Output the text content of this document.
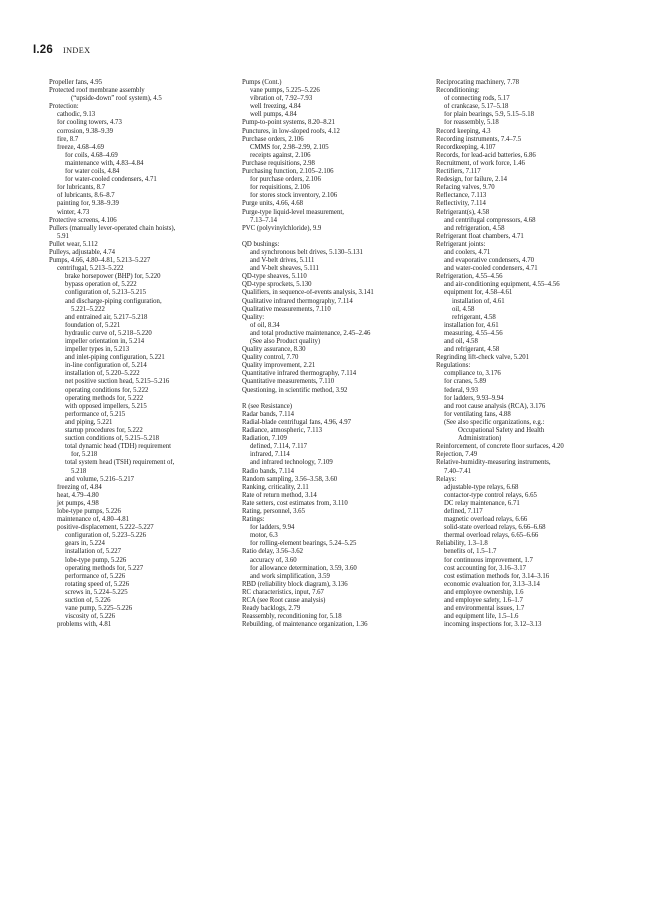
I.26 INDEX
Propeller fans, 4.95
Protected roof membrane assembly
(“upside-down” roof system), 4.5
Protection:
cathodic, 9.13
for cooling towers, 4.73
corrosion, 9.38–9.39
fire, 8.7
freeze, 4.68–4.69
for coils, 4.68–4.69
maintenance with, 4.83–4.84
for water coils, 4.84
for water-cooled condensers, 4.71
for lubricants, 8.7
of lubricants, 8.6–8.7
painting for, 9.38–9.39
winter, 4.73
Protective screens, 4.106
Pullers (manually lever-operated chain hoists),
5.91
Pullet wear, 5.112
Pulleys, adjustable, 4.74
Pumps, 4.66, 4.80–4.81, 5.213–5.227
centrifugal, 5.213–5.222
brake horsepower (BHP) for, 5.220
bypass operation of, 5.222
configuration of, 5.213–5.215
and discharge-piping configuration,
5.221–5.222
and entrained air, 5.217–5.218
foundation of, 5.221
hydraulic curve of, 5.218–5.220
impeller orientation in, 5.214
impeller types in, 5.213
and inlet-piping configuration, 5.221
in-line configuration of, 5.214
installation of, 5.220–5.222
net positive suction head, 5.215–5.216
operating conditions for, 5.222
operating methods for, 5.222
with opposed impellers, 5.215
performance of, 5.215
and piping, 5.221
startup procedures for, 5.222
suction conditions of, 5.215–5.218
total dynamic head (TDH) requirement
for, 5.218
total system head (TSH) requirement of,
5.218
and volume, 5.216–5.217
freezing of, 4.84
heat, 4.79–4.80
jet pumps, 4.98
lobe-type pumps, 5.226
maintenance of, 4.80–4.81
positive-displacement, 5.222–5.227
configuration of, 5.223–5.226
gears in, 5.224
installation of, 5.227
lobe-type pump, 5.226
operating methods for, 5.227
performance of, 5.226
rotating speed of, 5.226
screws in, 5.224–5.225
suction of, 5.226
vane pump, 5.225–5.226
viscosity of, 5.226
problems with, 4.81
Pumps (Cont.)
vane pumps, 5.225–5.226
vibration of, 7.92–7.93
well freezing, 4.84
well pumps, 4.84
Pump-to-point systems, 8.20–8.21
Punctures, in low-sloped roofs, 4.12
Purchase orders, 2.106
CMMS for, 2.98–2.99, 2.105
receipts against, 2.106
Purchase requisitions, 2.98
Purchasing function, 2.105–2.106
for purchase orders, 2.106
for requisitions, 2.106
for stores stock inventory, 2.106
Purge units, 4.66, 4.68
Purge-type liquid-level measurement,
7.13–7.14
PVC (polyvinylchloride), 9.9
QD bushings:
and synchronous belt drives, 5.130–5.131
and V-belt drives, 5.111
and V-belt sheaves, 5.111
QD-type sheaves, 5.110
QD-type sprockets, 5.130
Qualifiers, in sequence-of-events analysis, 3.141
Qualitative infrared thermography, 7.114
Qualitative measurements, 7.110
Quality:
of oil, 8.34
and total productive maintenance, 2.45–2.46
(See also Product quality)
Quality assurance, 8.30
Quality control, 7.70
Quality improvement, 2.21
Quantitative infrared thermography, 7.114
Quantitative measurements, 7.110
Questioning, in scientific method, 3.92
R (see Resistance)
Radar bands, 7.114
Radial-blade centrifugal fans, 4.96, 4.97
Radiance, atmospheric, 7.113
Radiation, 7.109
defined, 7.114, 7.117
infrared, 7.114
and infrared technology, 7.109
Radio bands, 7.114
Random sampling, 3.56–3.58, 3.60
Ranking, criticality, 2.11
Rate of return method, 3.14
Rate setters, cost estimates from, 3.110
Rating, personnel, 3.65
Ratings:
for ladders, 9.94
motor, 6.3
for rolling-element bearings, 5.24–5.25
Ratio delay, 3.56–3.62
accuracy of, 3.60
for allowance determination, 3.59, 3.60
and work simplification, 3.59
RBD (reliability block diagram), 3.136
RC characteristics, input, 7.67
RCA (see Root cause analysis)
Ready backlogs, 2.79
Reassembly, reconditioning for, 5.18
Rebuilding, of maintenance organization, 1.36
Reciprocating machinery, 7.78
Reconditioning:
of connecting rods, 5.17
of crankcase, 5.17–5.18
for plain bearings, 5.9, 5.15–5.18
for reassembly, 5.18
Record keeping, 4.3
Recording instruments, 7.4–7.5
Recordkeeping, 4.107
Records, for lead-acid batteries, 6.86
Recruitment, of work force, 1.46
Rectifiers, 7.117
Redesign, for failure, 2.14
Refacing valves, 9.70
Reflectance, 7.113
Reflectivity, 7.114
Refrigerant(s), 4.58
and centrifugal compressors, 4.68
and refrigeration, 4.58
Refrigerant float chambers, 4.71
Refrigerant joints:
and coolers, 4.71
and evaporative condensers, 4.70
and water-cooled condensers, 4.71
Refrigeration, 4.55–4.56
and air-conditioning equipment, 4.55–4.56
equipment for, 4.58–4.61
installation of, 4.61
oil, 4.58
refrigerant, 4.58
installation for, 4.61
measuring, 4.55–4.56
and oil, 4.58
and refrigerant, 4.58
Regrinding lift-check valve, 5.201
Regulations:
compliance to, 3.176
for cranes, 5.89
federal, 9.93
for ladders, 9.93–9.94
and root cause analysis (RCA), 3.176
for ventilating fans, 4.88
(See also specific organizations, e.g.:
Occupational Safety and Health
Administration)
Reinforcement, of concrete floor surfaces, 4.20
Rejection, 7.49
Relative-humidity-measuring instruments,
7.40–7.41
Relays:
adjustable-type relays, 6.68
contactor-type control relays, 6.65
DC relay maintenance, 6.71
defined, 7.117
magnetic overload relays, 6.66
solid-state overload relays, 6.66–6.68
thermal overload relays, 6.65–6.66
Reliability, 1.3–1.8
benefits of, 1.5–1.7
for continuous improvement, 1.7
cost accounting for, 3.16–3.17
cost estimation methods for, 3.14–3.16
economic evaluation for, 3.13–3.14
and employee ownership, 1.6
and employee safety, 1.6–1.7
and environmental issues, 1.7
and equipment life, 1.5–1.6
incoming inspections for, 3.12–3.13
